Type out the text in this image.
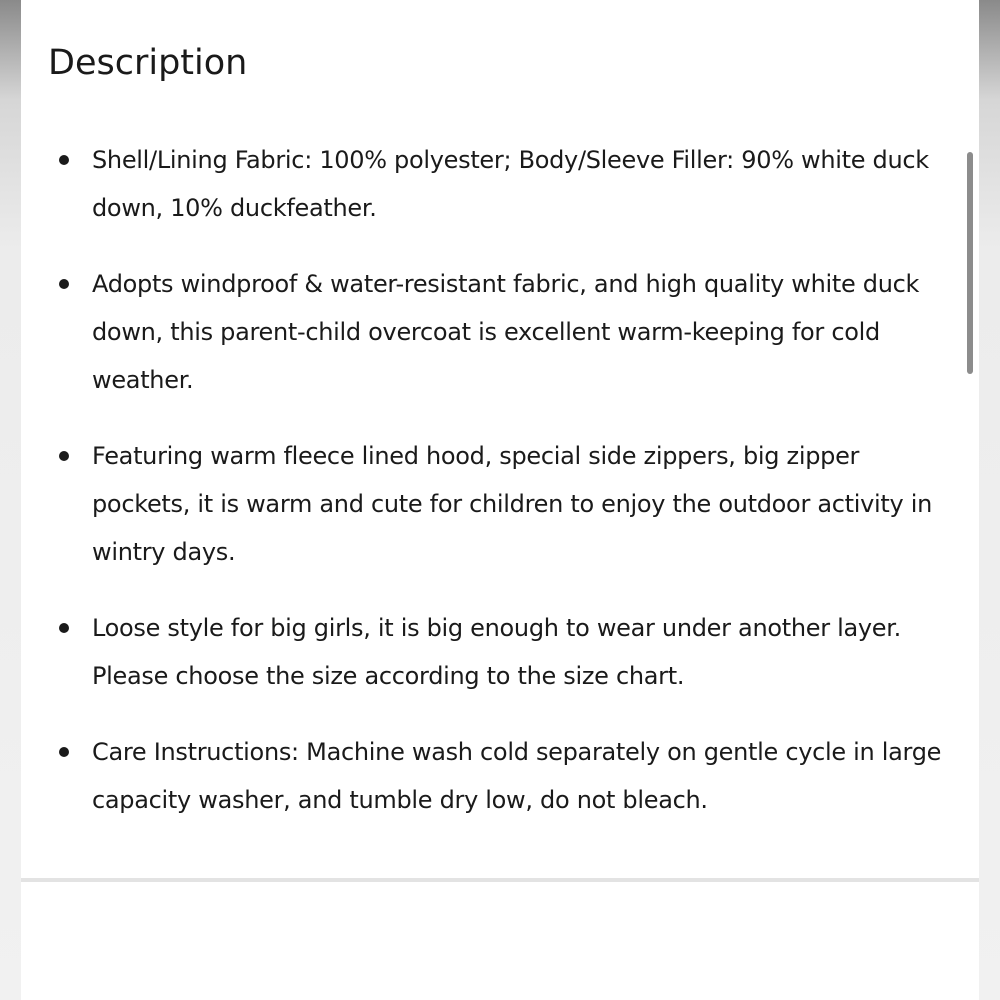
Description
Shell/Lining Fabric: 100% polyester; Body/Sleeve Filler: 90% white duck down, 10% duckfeather.
Adopts windproof & water-resistant fabric, and high quality white duck down, this parent-child overcoat is excellent warm-keeping for cold weather.
Featuring warm fleece lined hood, special side zippers, big zipper pockets, it is warm and cute for children to enjoy the outdoor activity in wintry days.
Loose style for big girls, it is big enough to wear under another layer. Please choose the size according to the size chart.
Care Instructions: Machine wash cold separately on gentle cycle in large capacity washer, and tumble dry low, do not bleach.
